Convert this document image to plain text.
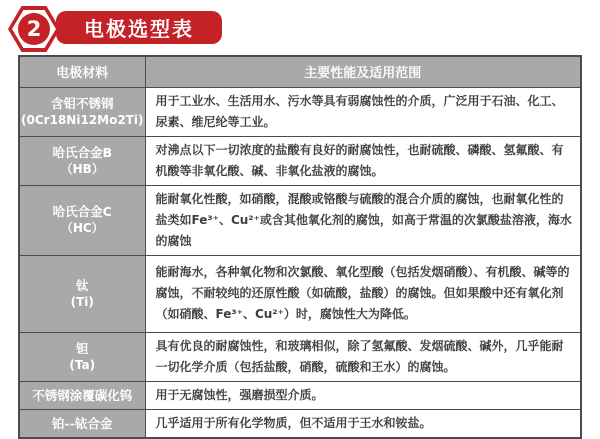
2	电极选型表
电极材料	主要性能及适用范围

含钼不锈钢
(0Cr18Ni12Mo2Ti)	用于工业水、生活用水、污水等具有弱腐蚀性的介质，广泛用于石油、化工、尿素、维尼纶等工业。

哈氏合金B
（HB）	对沸点以下一切浓度的盐酸有良好的耐腐蚀性，也耐硫酸、磷酸、氢氟酸、有机酸等非氧化酸、碱、非氧化盐液的腐蚀。

哈氏合金C
（HC）	能耐氧化性酸，如硝酸，混酸或铬酸与硫酸的混合介质的腐蚀，也耐氧化性的盐类如Fe³⁺、Cu²⁺或含其他氧化剂的腐蚀，如高于常温的次氯酸盐溶液，海水的腐蚀

钛
(Ti)	能耐海水，各种氧化物和次氯酸、氧化型酸（包括发烟硝酸）、有机酸、碱等的腐蚀，不耐较纯的还原性酸（如硫酸，盐酸）的腐蚀。但如果酸中还有氧化剂（如硝酸、Fe³⁺、Cu²⁺）时，腐蚀性大为降低。

钽
(Ta)	具有优良的耐腐蚀性，和玻璃相似，除了氢氟酸、发烟硫酸、碱外，几乎能耐一切化学介质（包括盐酸，硝酸，硫酸和王水）的腐蚀。

不锈钢涂覆碳化钨	用于无腐蚀性，强磨损型介质。

铂--铱合金	几乎适用于所有化学物质，但不适用于王水和铵盐。
